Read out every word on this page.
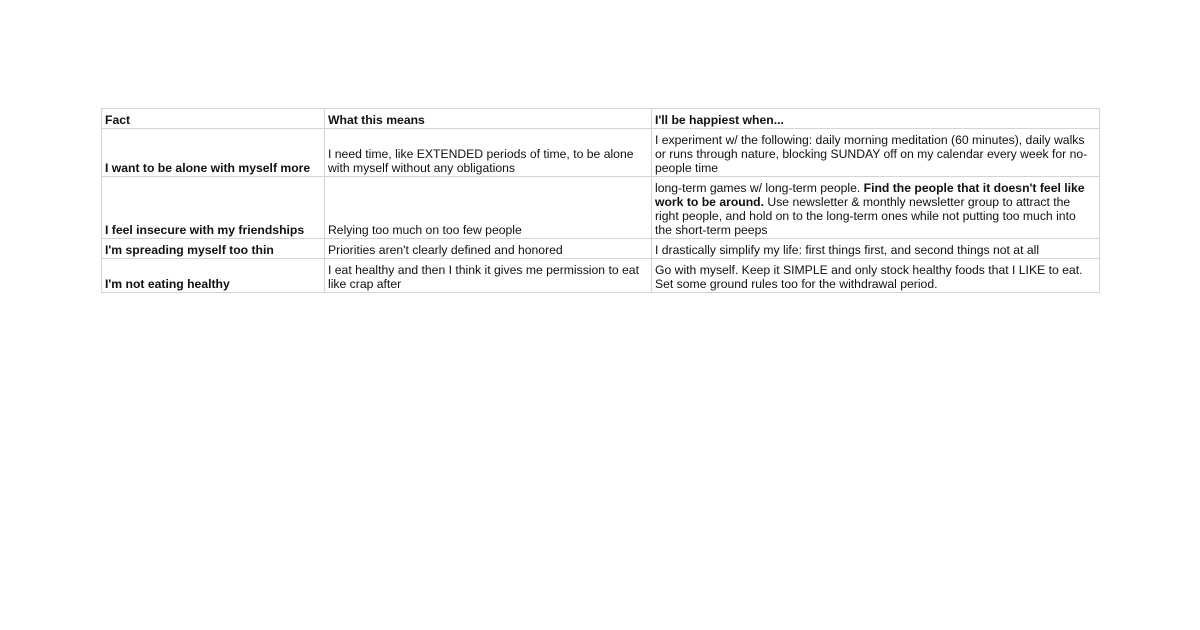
Fact	What this means	I'll be happiest when...
I want to be alone with myself more	I need time, like EXTENDED periods of time, to be alone with myself without any obligations	I experiment w/ the following: daily morning meditation (60 minutes), daily walks or runs through nature, blocking SUNDAY off on my calendar every week for no-people time
I feel insecure with my friendships	Relying too much on too few people	long-term games w/ long-term people. Find the people that it doesn't feel like work to be around. Use newsletter & monthly newsletter group to attract the right people, and hold on to the long-term ones while not putting too much into the short-term peeps
I'm spreading myself too thin	Priorities aren't clearly defined and honored	I drastically simplify my life: first things first, and second things not at all
I'm not eating healthy	I eat healthy and then I think it gives me permission to eat like crap after	Go with myself. Keep it SIMPLE and only stock healthy foods that I LIKE to eat. Set some ground rules too for the withdrawal period.
